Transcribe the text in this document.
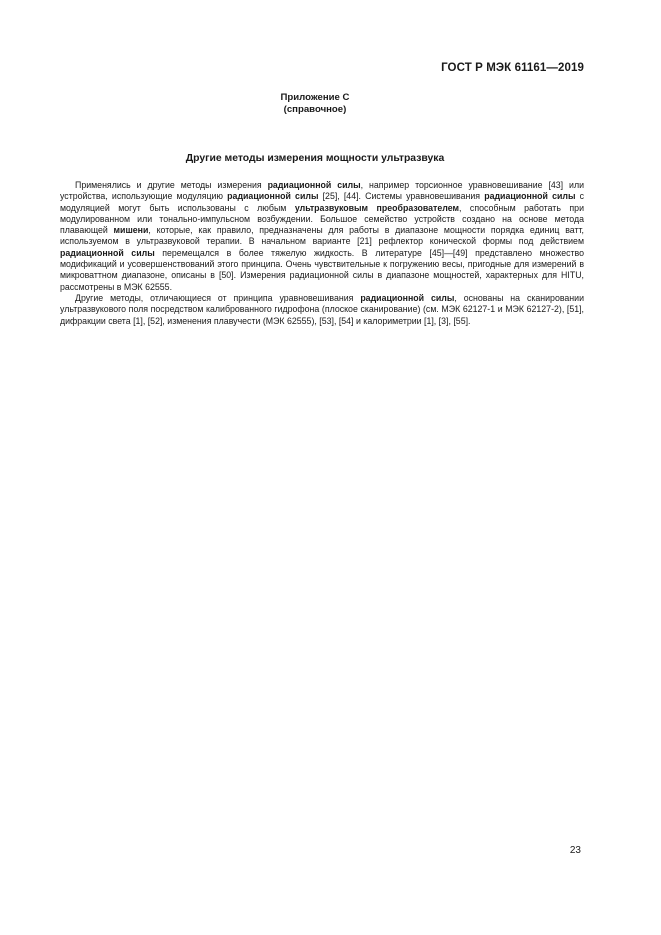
ГОСТ Р МЭК 61161—2019
Приложение С
(справочное)
Другие методы измерения мощности ультразвука

Применялись и другие методы измерения радиационной силы, например торсионное уравновешивание [43] или устройства, использующие модуляцию радиационной силы [25], [44]. Системы уравновешивания радиационной силы с модуляцией могут быть использованы с любым ультразвуковым преобразователем, способным работать при модулированном или тонально-импульсном возбуждении. Большое семейство устройств создано на основе метода плавающей мишени, которые, как правило, предназначены для работы в диапазоне мощности порядка единиц ватт, используемом в ультразвуковой терапии. В начальном варианте [21] рефлектор конической формы под действием радиационной силы перемещался в более тяжелую жидкость. В литературе [45]—[49] представлено множество модификаций и усовершенствований этого принципа. Очень чувствительные к погружению весы, пригодные для измерений в микроваттном диапазоне, описаны в [50]. Измерения радиационной силы в диапазоне мощностей, характерных для HITU, рассмотрены в МЭК 62555.

Другие методы, отличающиеся от принципа уравновешивания радиационной силы, основаны на сканировании ультразвукового поля посредством калиброванного гидрофона (плоское сканирование) (см. МЭК 62127-1 и МЭК 62127-2), [51], дифракции света [1], [52], изменения плавучести (МЭК 62555), [53], [54] и калориметрии [1], [3], [55].

23
